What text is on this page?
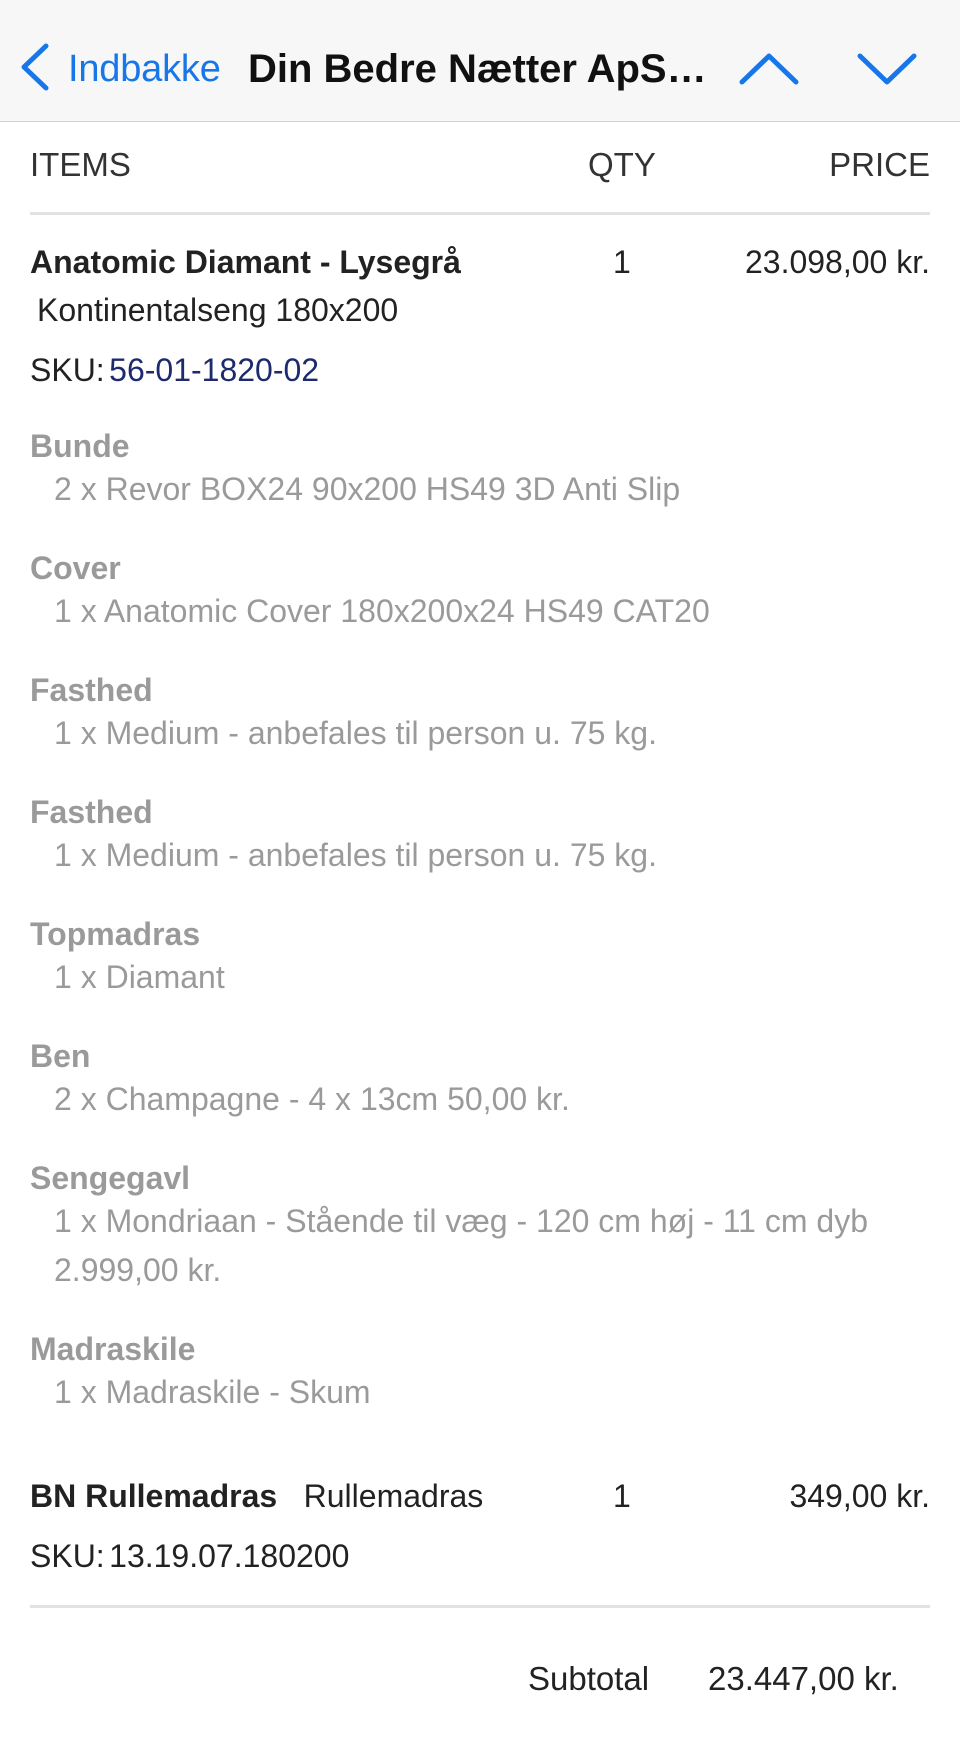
Indbakke Din Bedre Nætter ApS…
ITEMS	QTY	PRICE
Anatomic Diamant - Lysegrå	1	23.098,00 kr.
Kontinentalseng 180x200
SKU: 56-01-1820-02
Bunde
2 x Revor BOX24 90x200 HS49 3D Anti Slip
Cover
1 x Anatomic Cover 180x200x24 HS49 CAT20
Fasthed
1 x Medium - anbefales til person u. 75 kg.
Fasthed
1 x Medium - anbefales til person u. 75 kg.
Topmadras
1 x Diamant
Ben
2 x Champagne - 4 x 13cm 50,00 kr.
Sengegavl
1 x Mondriaan - Stående til væg - 120 cm høj - 11 cm dyb 2.999,00 kr.
Madraskile
1 x Madraskile - Skum
BN Rullemadras Rullemadras	1	349,00 kr.
SKU: 13.19.07.180200
Subtotal 23.447,00 kr.
